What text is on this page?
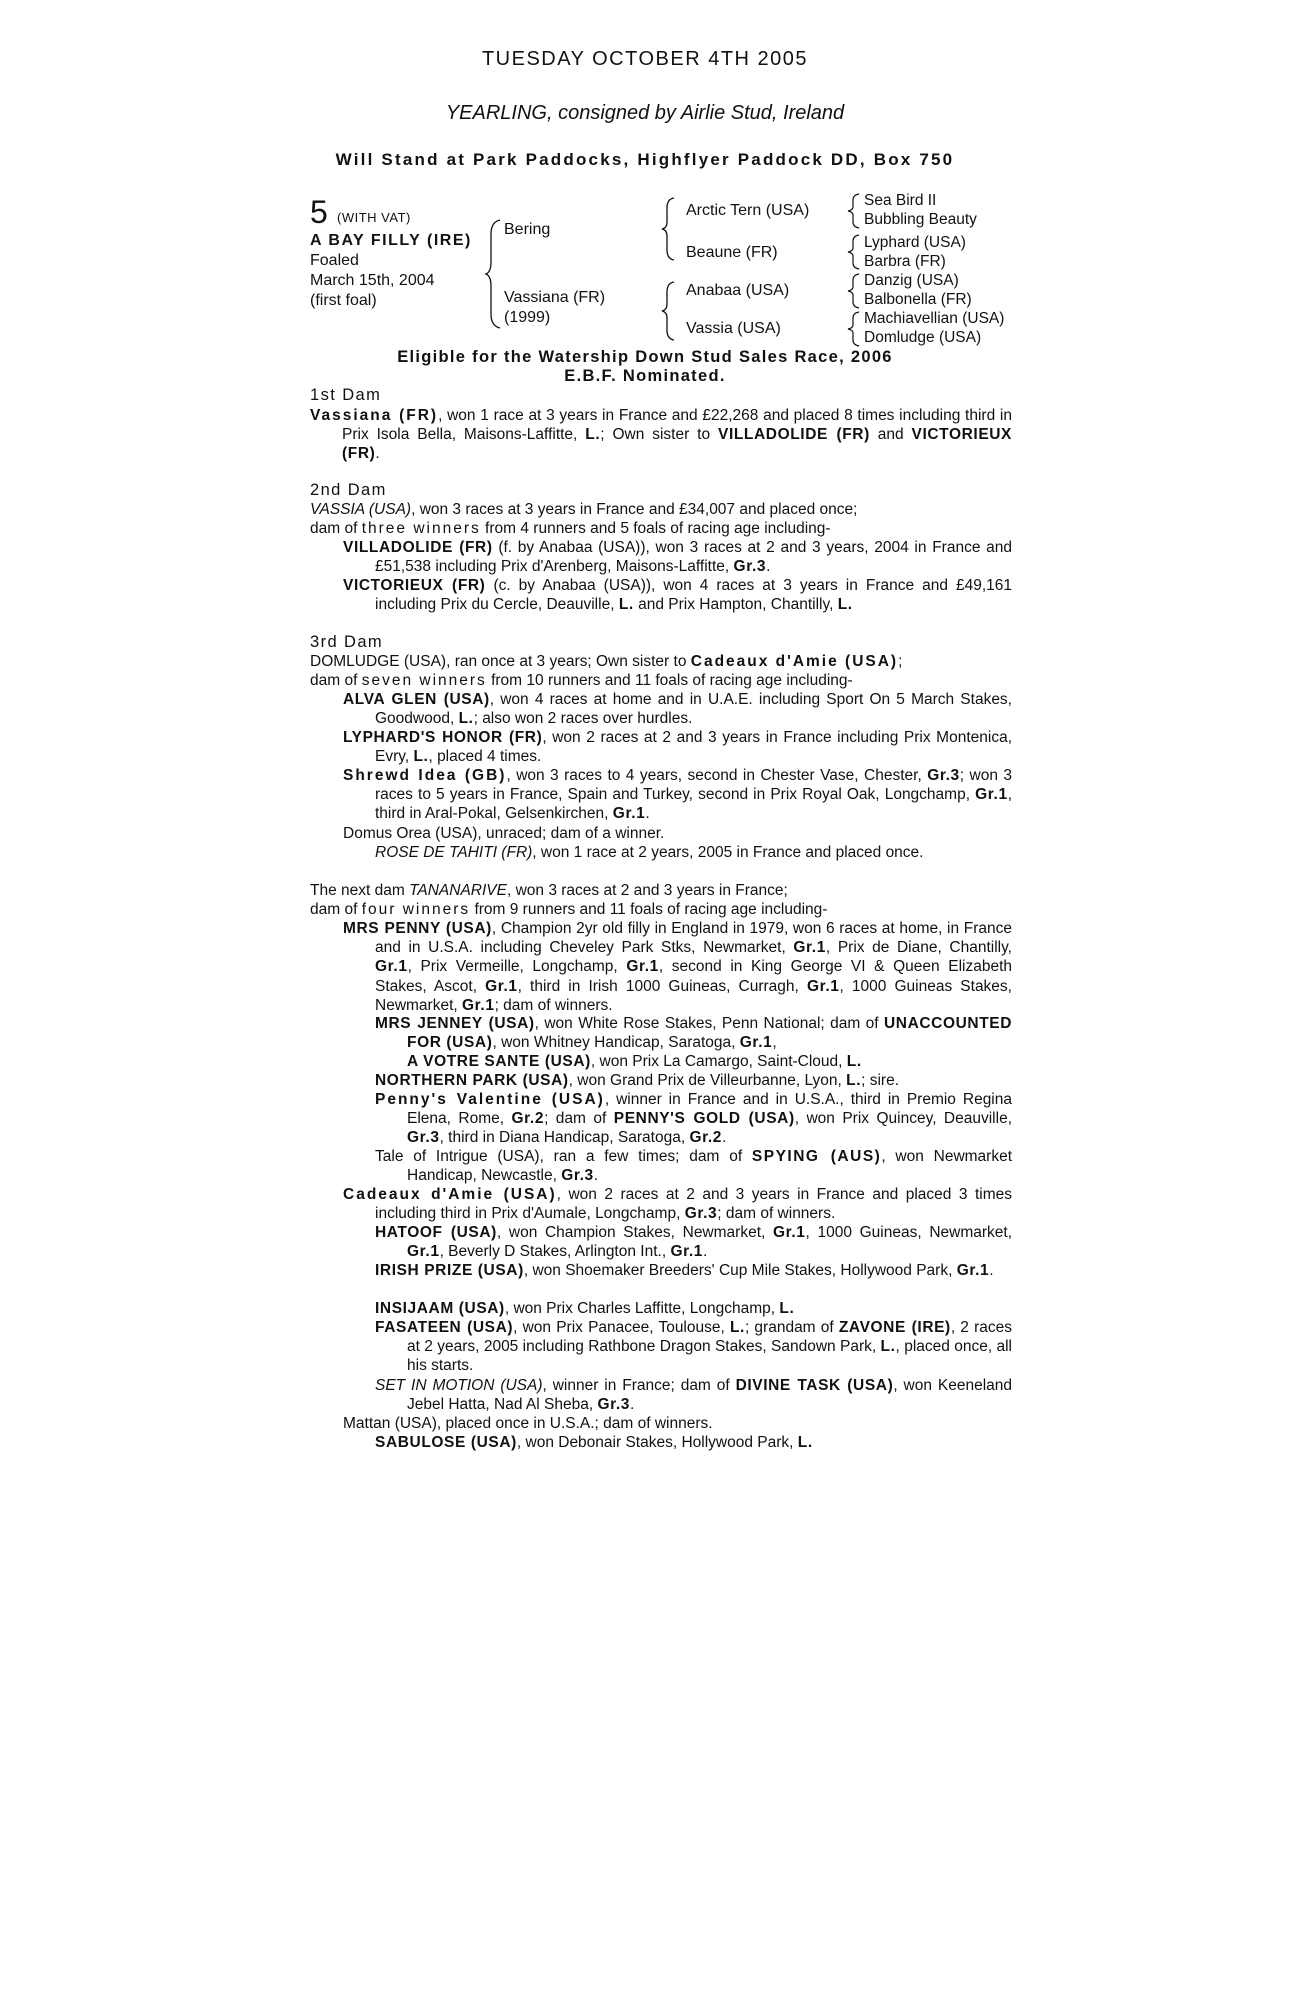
TUESDAY OCTOBER 4TH 2005
YEARLING, consigned by Airlie Stud, Ireland
Will Stand at Park Paddocks, Highflyer Paddock DD, Box 750
5 (WITH VAT)
A BAY FILLY (IRE)
Foaled
March 15th, 2004
(first foal)
Bering
Vassiana (FR)
(1999)
Arctic Tern (USA)
Beaune (FR)
Anabaa (USA)
Vassia (USA)
Sea Bird II
Bubbling Beauty
Lyphard (USA)
Barbra (FR)
Danzig (USA)
Balbonella (FR)
Machiavellian (USA)
Domludge (USA)
Eligible for the Watership Down Stud Sales Race, 2006
E.B.F. Nominated.
1st Dam
Vassiana (FR), won 1 race at 3 years in France and £22,268 and placed 8 times including third in Prix Isola Bella, Maisons-Laffitte, L.; Own sister to VILLADOLIDE (FR) and VICTORIEUX (FR).
2nd Dam
VASSIA (USA), won 3 races at 3 years in France and £34,007 and placed once;
dam of three winners from 4 runners and 5 foals of racing age including-
VILLADOLIDE (FR) (f. by Anabaa (USA)), won 3 races at 2 and 3 years, 2004 in France and £51,538 including Prix d'Arenberg, Maisons-Laffitte, Gr.3.
VICTORIEUX (FR) (c. by Anabaa (USA)), won 4 races at 3 years in France and £49,161 including Prix du Cercle, Deauville, L. and Prix Hampton, Chantilly, L.
3rd Dam
DOMLUDGE (USA), ran once at 3 years; Own sister to Cadeaux d'Amie (USA);
dam of seven winners from 10 runners and 11 foals of racing age including-
ALVA GLEN (USA), won 4 races at home and in U.A.E. including Sport On 5 March Stakes, Goodwood, L.; also won 2 races over hurdles.
LYPHARD'S HONOR (FR), won 2 races at 2 and 3 years in France including Prix Montenica, Evry, L., placed 4 times.
Shrewd Idea (GB), won 3 races to 4 years, second in Chester Vase, Chester, Gr.3; won 3 races to 5 years in France, Spain and Turkey, second in Prix Royal Oak, Longchamp, Gr.1, third in Aral-Pokal, Gelsenkirchen, Gr.1.
Domus Orea (USA), unraced; dam of a winner.
ROSE DE TAHITI (FR), won 1 race at 2 years, 2005 in France and placed once.
The next dam TANANARIVE, won 3 races at 2 and 3 years in France;
dam of four winners from 9 runners and 11 foals of racing age including-
MRS PENNY (USA), Champion 2yr old filly in England in 1979, won 6 races at home, in France and in U.S.A. including Cheveley Park Stks, Newmarket, Gr.1, Prix de Diane, Chantilly, Gr.1, Prix Vermeille, Longchamp, Gr.1, second in King George VI & Queen Elizabeth Stakes, Ascot, Gr.1, third in Irish 1000 Guineas, Curragh, Gr.1, 1000 Guineas Stakes, Newmarket, Gr.1; dam of winners.
MRS JENNEY (USA), won White Rose Stakes, Penn National; dam of UNACCOUNTED FOR (USA), won Whitney Handicap, Saratoga, Gr.1,
A VOTRE SANTE (USA), won Prix La Camargo, Saint-Cloud, L.
NORTHERN PARK (USA), won Grand Prix de Villeurbanne, Lyon, L.; sire.
Penny's Valentine (USA), winner in France and in U.S.A., third in Premio Regina Elena, Rome, Gr.2; dam of PENNY'S GOLD (USA), won Prix Quincey, Deauville, Gr.3, third in Diana Handicap, Saratoga, Gr.2.
Tale of Intrigue (USA), ran a few times; dam of SPYING (AUS), won Newmarket Handicap, Newcastle, Gr.3.
Cadeaux d'Amie (USA), won 2 races at 2 and 3 years in France and placed 3 times including third in Prix d'Aumale, Longchamp, Gr.3; dam of winners.
HATOOF (USA), won Champion Stakes, Newmarket, Gr.1, 1000 Guineas, Newmarket, Gr.1, Beverly D Stakes, Arlington Int., Gr.1.
IRISH PRIZE (USA), won Shoemaker Breeders' Cup Mile Stakes, Hollywood Park, Gr.1.
INSIJAAM (USA), won Prix Charles Laffitte, Longchamp, L.
FASATEEN (USA), won Prix Panacee, Toulouse, L.; grandam of ZAVONE (IRE), 2 races at 2 years, 2005 including Rathbone Dragon Stakes, Sandown Park, L., placed once, all his starts.
SET IN MOTION (USA), winner in France; dam of DIVINE TASK (USA), won Keeneland Jebel Hatta, Nad Al Sheba, Gr.3.
Mattan (USA), placed once in U.S.A.; dam of winners.
SABULOSE (USA), won Debonair Stakes, Hollywood Park, L.
